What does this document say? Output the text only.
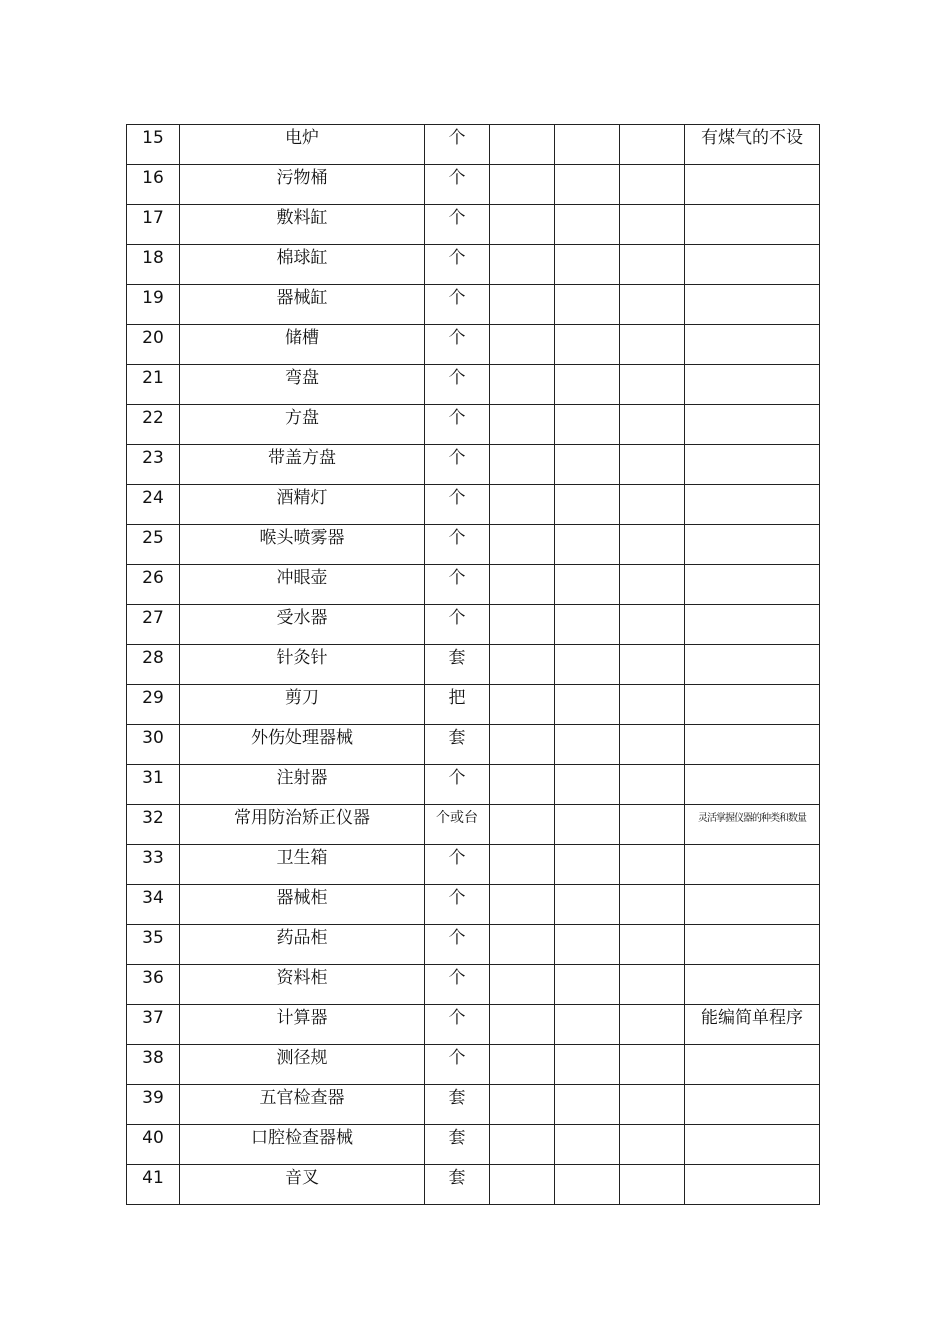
15	电炉	个				有煤气的不设

16	污物桶	个				

17	敷料缸	个				

18	棉球缸	个				

19	器械缸	个				

20	储槽	个				

21	弯盘	个				

22	方盘	个				

23	带盖方盘	个				

24	酒精灯	个				

25	喉头喷雾器	个				

26	冲眼壶	个				

27	受水器	个				

28	针灸针	套				

29	剪刀	把				

30	外伤处理器械	套				

31	注射器	个				

32	常用防治矫正仪器	个或台				灵活掌握仪器的种类和数量

33	卫生箱	个				

34	器械柜	个				

35	药品柜	个				

36	资料柜	个				

37	计算器	个				能编简单程序

38	测径规	个				

39	五官检查器	套				

40	口腔检查器械	套				

41	音叉	套				
